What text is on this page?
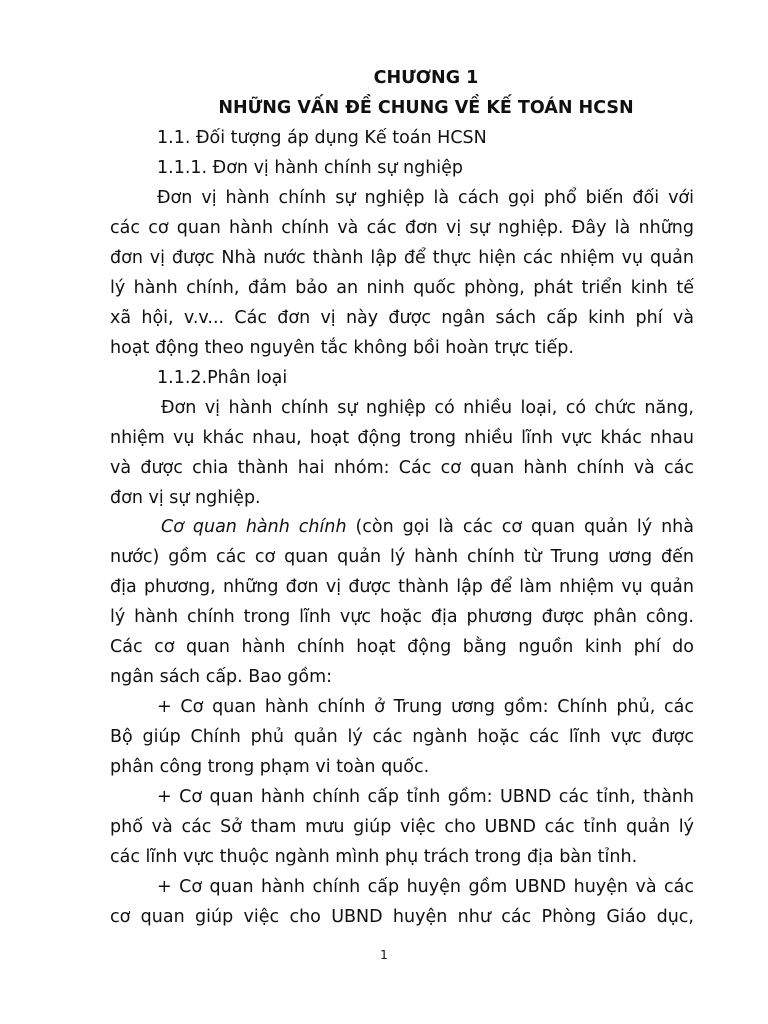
CHƯƠNG 1
NHỮNG VẤN ĐỀ CHUNG VỀ KẾ TOÁN HCSN
1.1. Đối tượng áp dụng Kế toán HCSN
1.1.1. Đơn vị hành chính sự nghiệp
Đơn vị hành chính sự nghiệp là cách gọi phổ biến đối với
các cơ quan hành chính và các đơn vị sự nghiệp. Đây là những
đơn vị được Nhà nước thành lập để thực hiện các nhiệm vụ quản
lý hành chính, đảm bảo an ninh quốc phòng, phát triển kinh tế
xã hội, v.v... Các đơn vị này được ngân sách cấp kinh phí và
hoạt động theo nguyên tắc không bồi hoàn trực tiếp.
1.1.2.Phân loại
Đơn vị hành chính sự nghiệp có nhiều loại, có chức năng,
nhiệm vụ khác nhau, hoạt động trong nhiều lĩnh vực khác nhau
và được chia thành hai nhóm: Các cơ quan hành chính và các
đơn vị sự nghiệp.
Cơ quan hành chính (còn gọi là các cơ quan quản lý nhà
nước) gồm các cơ quan quản lý hành chính từ Trung ương đến
địa phương, những đơn vị được thành lập để làm nhiệm vụ quản
lý hành chính trong lĩnh vực hoặc địa phương được phân công.
Các cơ quan hành chính hoạt động bằng nguồn kinh phí do
ngân sách cấp. Bao gồm:
+ Cơ quan hành chính ở Trung ương gồm: Chính phủ, các
Bộ giúp Chính phủ quản lý các ngành hoặc các lĩnh vực được
phân công trong phạm vi toàn quốc.
+ Cơ quan hành chính cấp tỉnh gồm: UBND các tỉnh, thành
phố và các Sở tham mưu giúp việc cho UBND các tỉnh quản lý
các lĩnh vực thuộc ngành mình phụ trách trong địa bàn tỉnh.
+ Cơ quan hành chính cấp huyện gồm UBND huyện và các
cơ quan giúp việc cho UBND huyện như các Phòng Giáo dục,
1
